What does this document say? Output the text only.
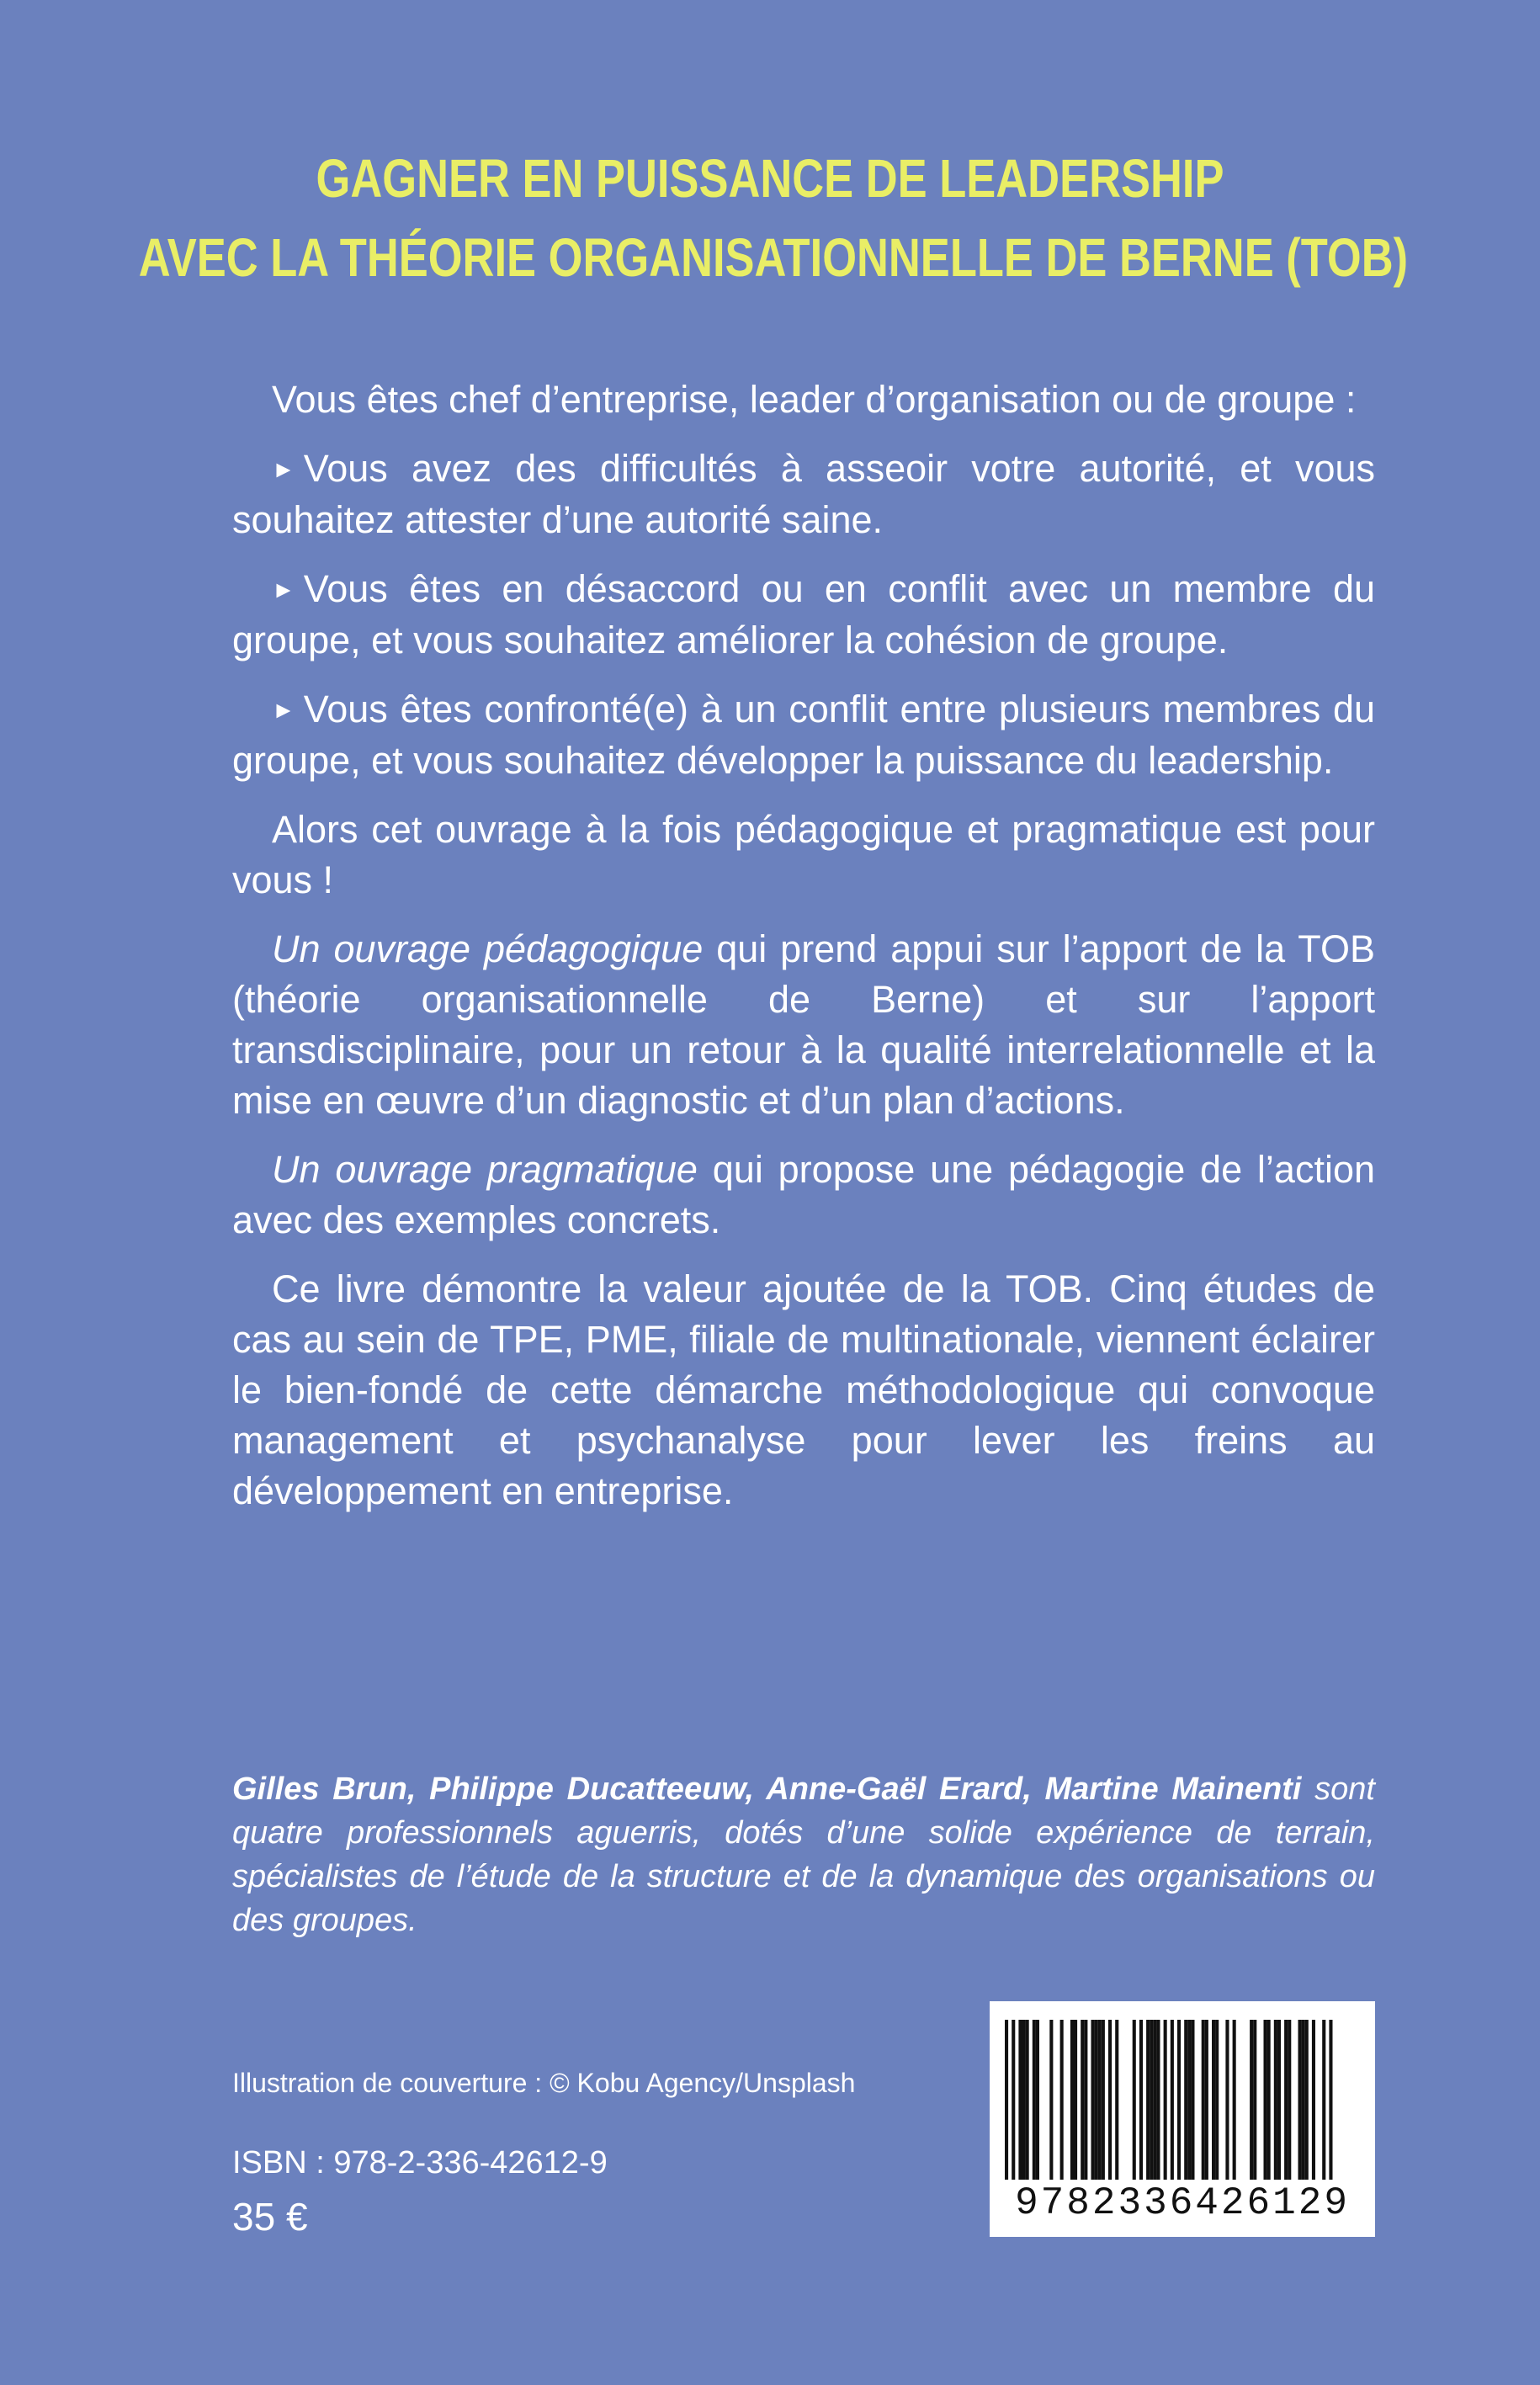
GAGNER EN PUISSANCE DE LEADERSHIP
AVEC LA THÉORIE ORGANISATIONNELLE DE BERNE (TOB)

Vous êtes chef d’entreprise, leader d’organisation ou de groupe :

► Vous avez des difficultés à asseoir votre autorité, et vous souhaitez attester d’une autorité saine.

► Vous êtes en désaccord ou en conflit avec un membre du groupe, et vous souhaitez améliorer la cohésion de groupe.

► Vous êtes confronté(e) à un conflit entre plusieurs membres du groupe, et vous souhaitez développer la puissance du leadership.

Alors cet ouvrage à la fois pédagogique et pragmatique est pour vous !

Un ouvrage pédagogique qui prend appui sur l’apport de la TOB (théorie organisationnelle de Berne) et sur l’apport transdisciplinaire, pour un retour à la qualité interrelationnelle et la mise en œuvre d’un diagnostic et d’un plan d’actions.

Un ouvrage pragmatique qui propose une pédagogie de l’action avec des exemples concrets.

Ce livre démontre la valeur ajoutée de la TOB. Cinq études de cas au sein de TPE, PME, filiale de multinationale, viennent éclairer le bien-fondé de cette démarche méthodologique qui convoque management et psychanalyse pour lever les freins au développement en entreprise.

Gilles Brun, Philippe Ducatteeuw, Anne-Gaël Erard, Martine Mainenti sont quatre professionnels aguerris, dotés d’une solide expérience de terrain, spécialistes de l’étude de la structure et de la dynamique des organisations ou des groupes.
Illustration de couverture : © Kobu Agency/Unsplash
ISBN : 978-2-336-42612-9
35 €	9782336426129
